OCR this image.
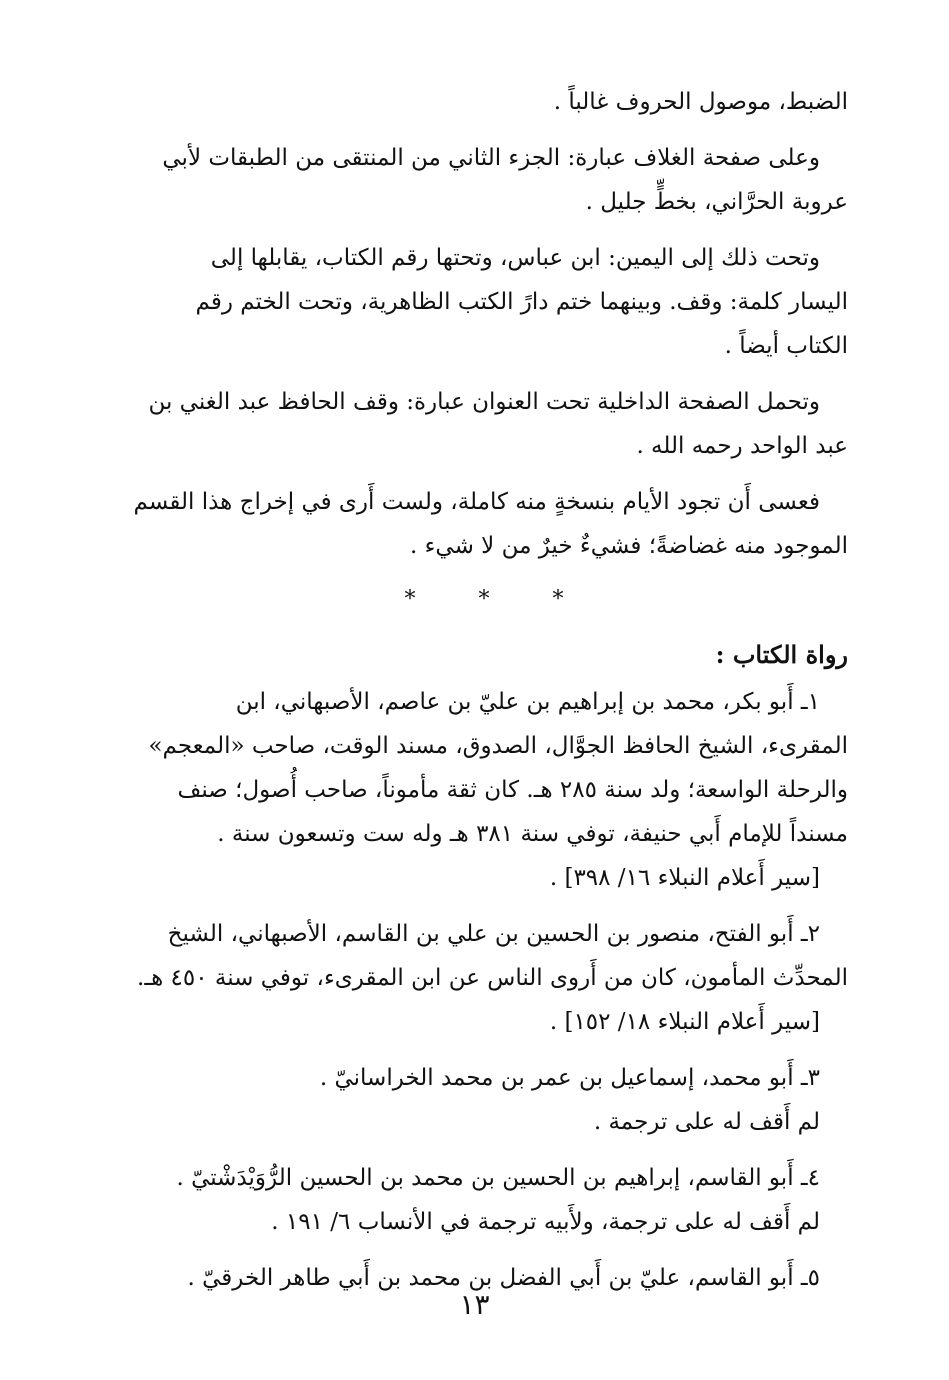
الضبط، موصول الحروف غالباً .
وعلى صفحة الغلاف عبارة: الجزء الثاني من المنتقى من الطبقات لأبي
عروبة الحرَّاني، بخطٍّ جليل .
وتحت ذلك إلى اليمين: ابن عباس، وتحتها رقم الكتاب، يقابلها إلى
اليسار كلمة: وقف. وبينهما ختم دارً الكتب الظاهرية، وتحت الختم رقم
الكتاب أيضاً .
وتحمل الصفحة الداخلية تحت العنوان عبارة: وقف الحافظ عبد الغني بن
عبد الواحد رحمه الله .
فعسى أَن تجود الأيام بنسخةٍ منه كاملة، ولست أَرى في إخراج هذا القسم
الموجود منه غضاضةً؛ فشيءٌ خيرٌ من لا شيء .
* * *
رواة الكتاب :
١ـ أَبو بكر، محمد بن إبراهيم بن عليّ بن عاصم، الأصبهاني، ابن
المقرىء، الشيخ الحافظ الجوَّال، الصدوق، مسند الوقت، صاحب «المعجم»
والرحلة الواسعة؛ ولد سنة ٢٨٥ هـ. كان ثقة مأموناً، صاحب أُصول؛ صنف
مسنداً للإمام أَبي حنيفة، توفي سنة ٣٨١ هـ وله ست وتسعون سنة .
[سير أَعلام النبلاء ١٦/ ٣٩٨] .
٢ـ أَبو الفتح، منصور بن الحسين بن علي بن القاسم، الأصبهاني، الشيخ
المحدِّث المأمون، كان من أَروى الناس عن ابن المقرىء، توفي سنة ٤٥٠ هـ.
[سير أَعلام النبلاء ١٨/ ١٥٢] .
٣ـ أَبو محمد، إسماعيل بن عمر بن محمد الخراسانيّ .
لم أَقف له على ترجمة .
٤ـ أَبو القاسم، إبراهيم بن الحسين بن محمد بن الحسين الرُّوَيْدَشْتيّ .
لم أَقف له على ترجمة، ولأَبيه ترجمة في الأنساب ٦/ ١٩١ .
٥ـ أَبو القاسم، عليّ بن أَبي الفضل بن محمد بن أَبي طاهر الخرقيّ .
١٣
